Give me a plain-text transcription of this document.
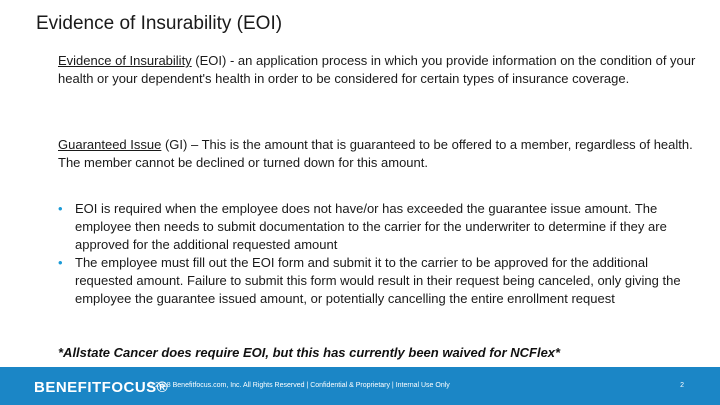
Evidence of Insurability (EOI)

Evidence of Insurability (EOI) - an application process in which you provide information on the condition of your health or your dependent's health in order to be considered for certain types of insurance coverage.

Guaranteed Issue (GI) – This is the amount that is guaranteed to be offered to a member, regardless of health. The member cannot be declined or turned down for this amount.

• EOI is required when the employee does not have/or has exceeded the guarantee issue amount. The employee then needs to submit documentation to the carrier for the underwriter to determine if they are approved for the additional requested amount
• The employee must fill out the EOI form and submit it to the carrier to be approved for the additional requested amount. Failure to submit this form would result in their request being canceled, only giving the employee the guarantee issued amount, or potentially cancelling the entire enrollment request
*Allstate Cancer does require EOI, but this has currently been waived for NCFlex*
BENEFITFOCUS®
© 2018 Benefitfocus.com, Inc. All Rights Reserved | Confidential & Proprietary | Internal Use Only	2
